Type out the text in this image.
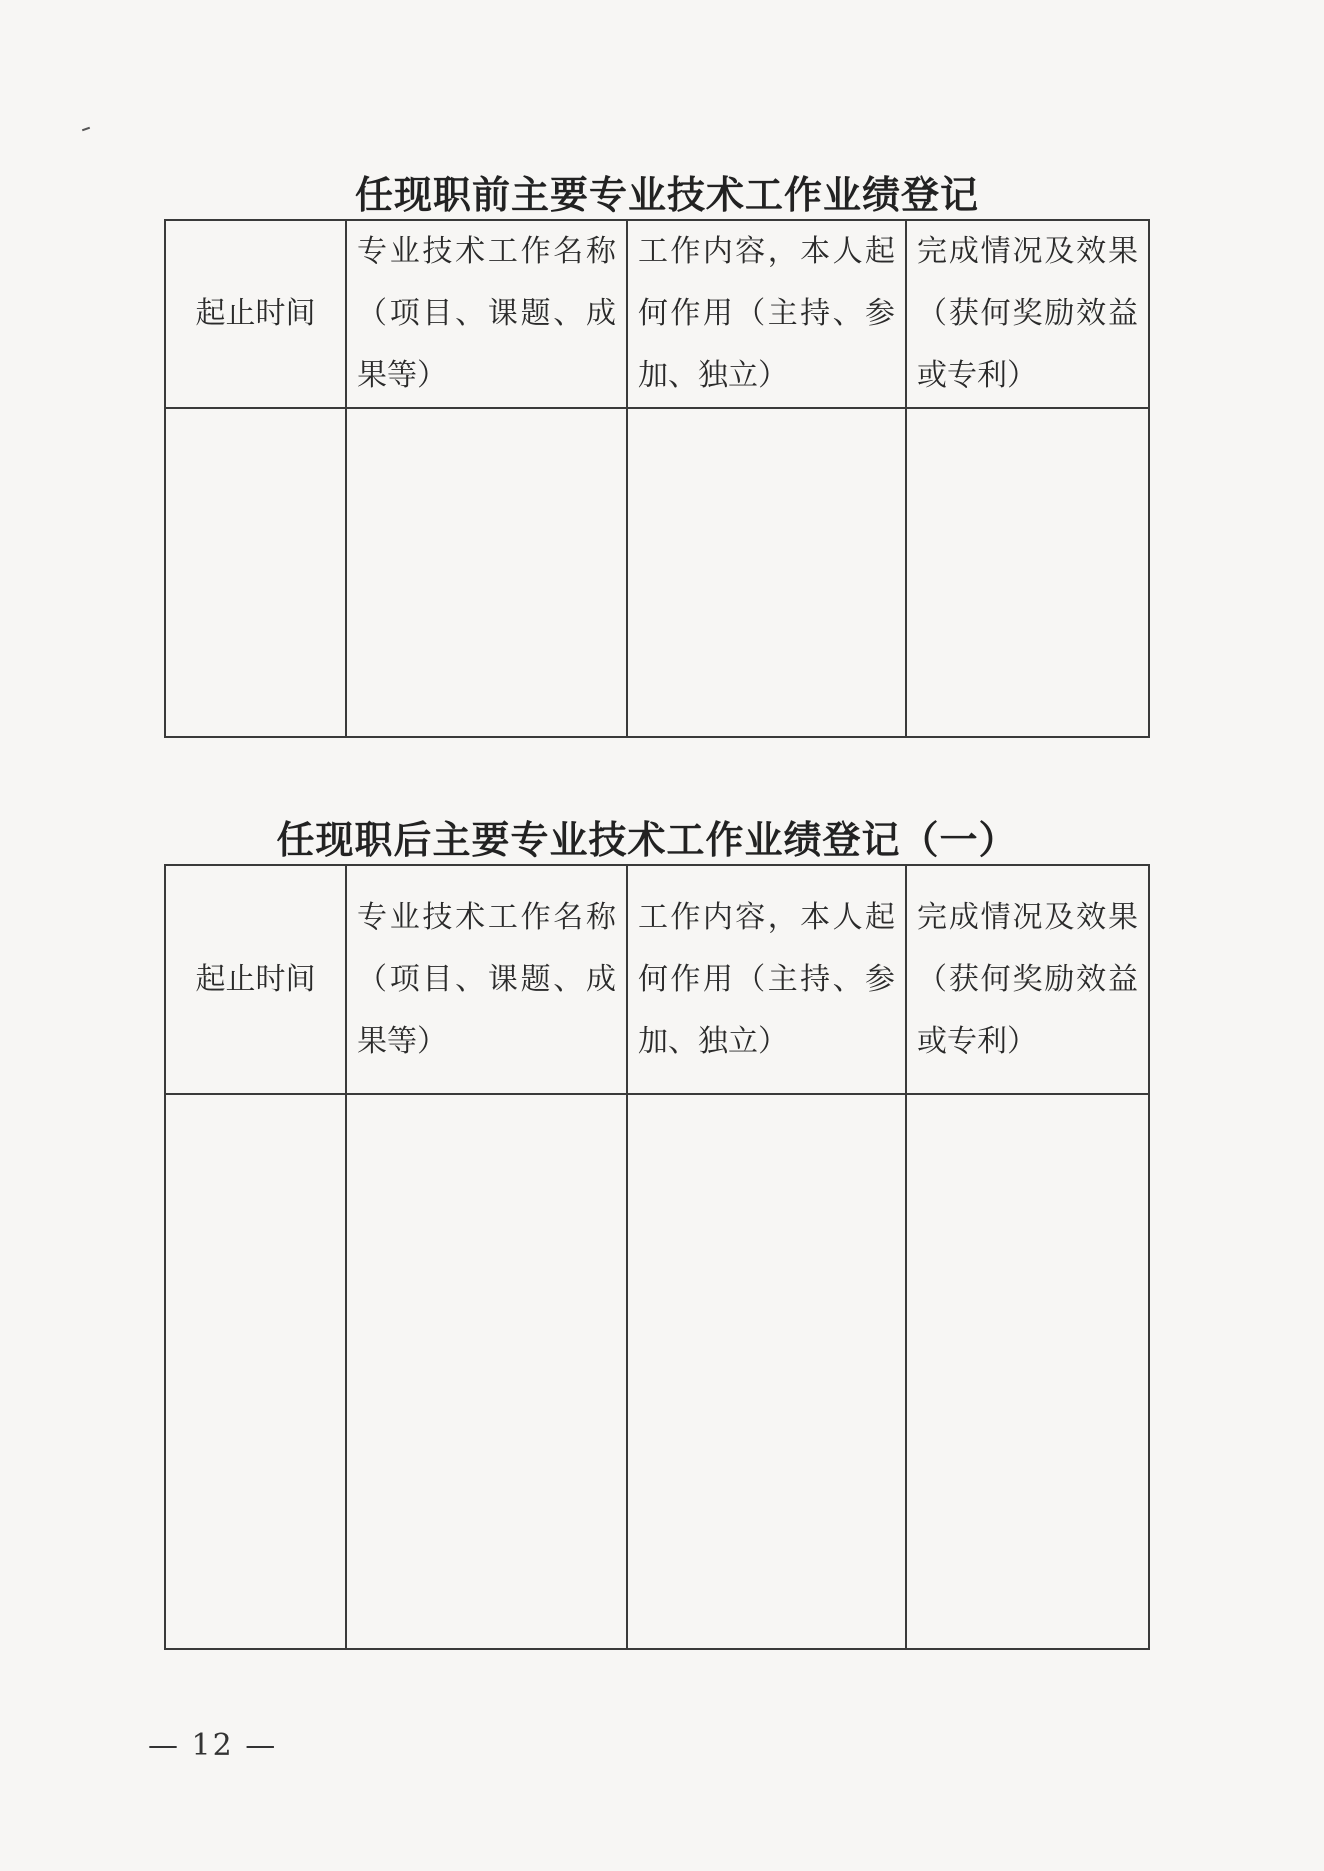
任现职前主要专业技术工作业绩登记
起止时间	专业技术工作名称（项目、课题、成果等）	工作内容，本人起何作用（主持、参加、独立）	完成情况及效果（获何奖励效益或专利）

任现职后主要专业技术工作业绩登记（一）
起止时间	专业技术工作名称（项目、课题、成果等）	工作内容，本人起何作用（主持、参加、独立）	完成情况及效果（获何奖励效益或专利）

— 12 —
